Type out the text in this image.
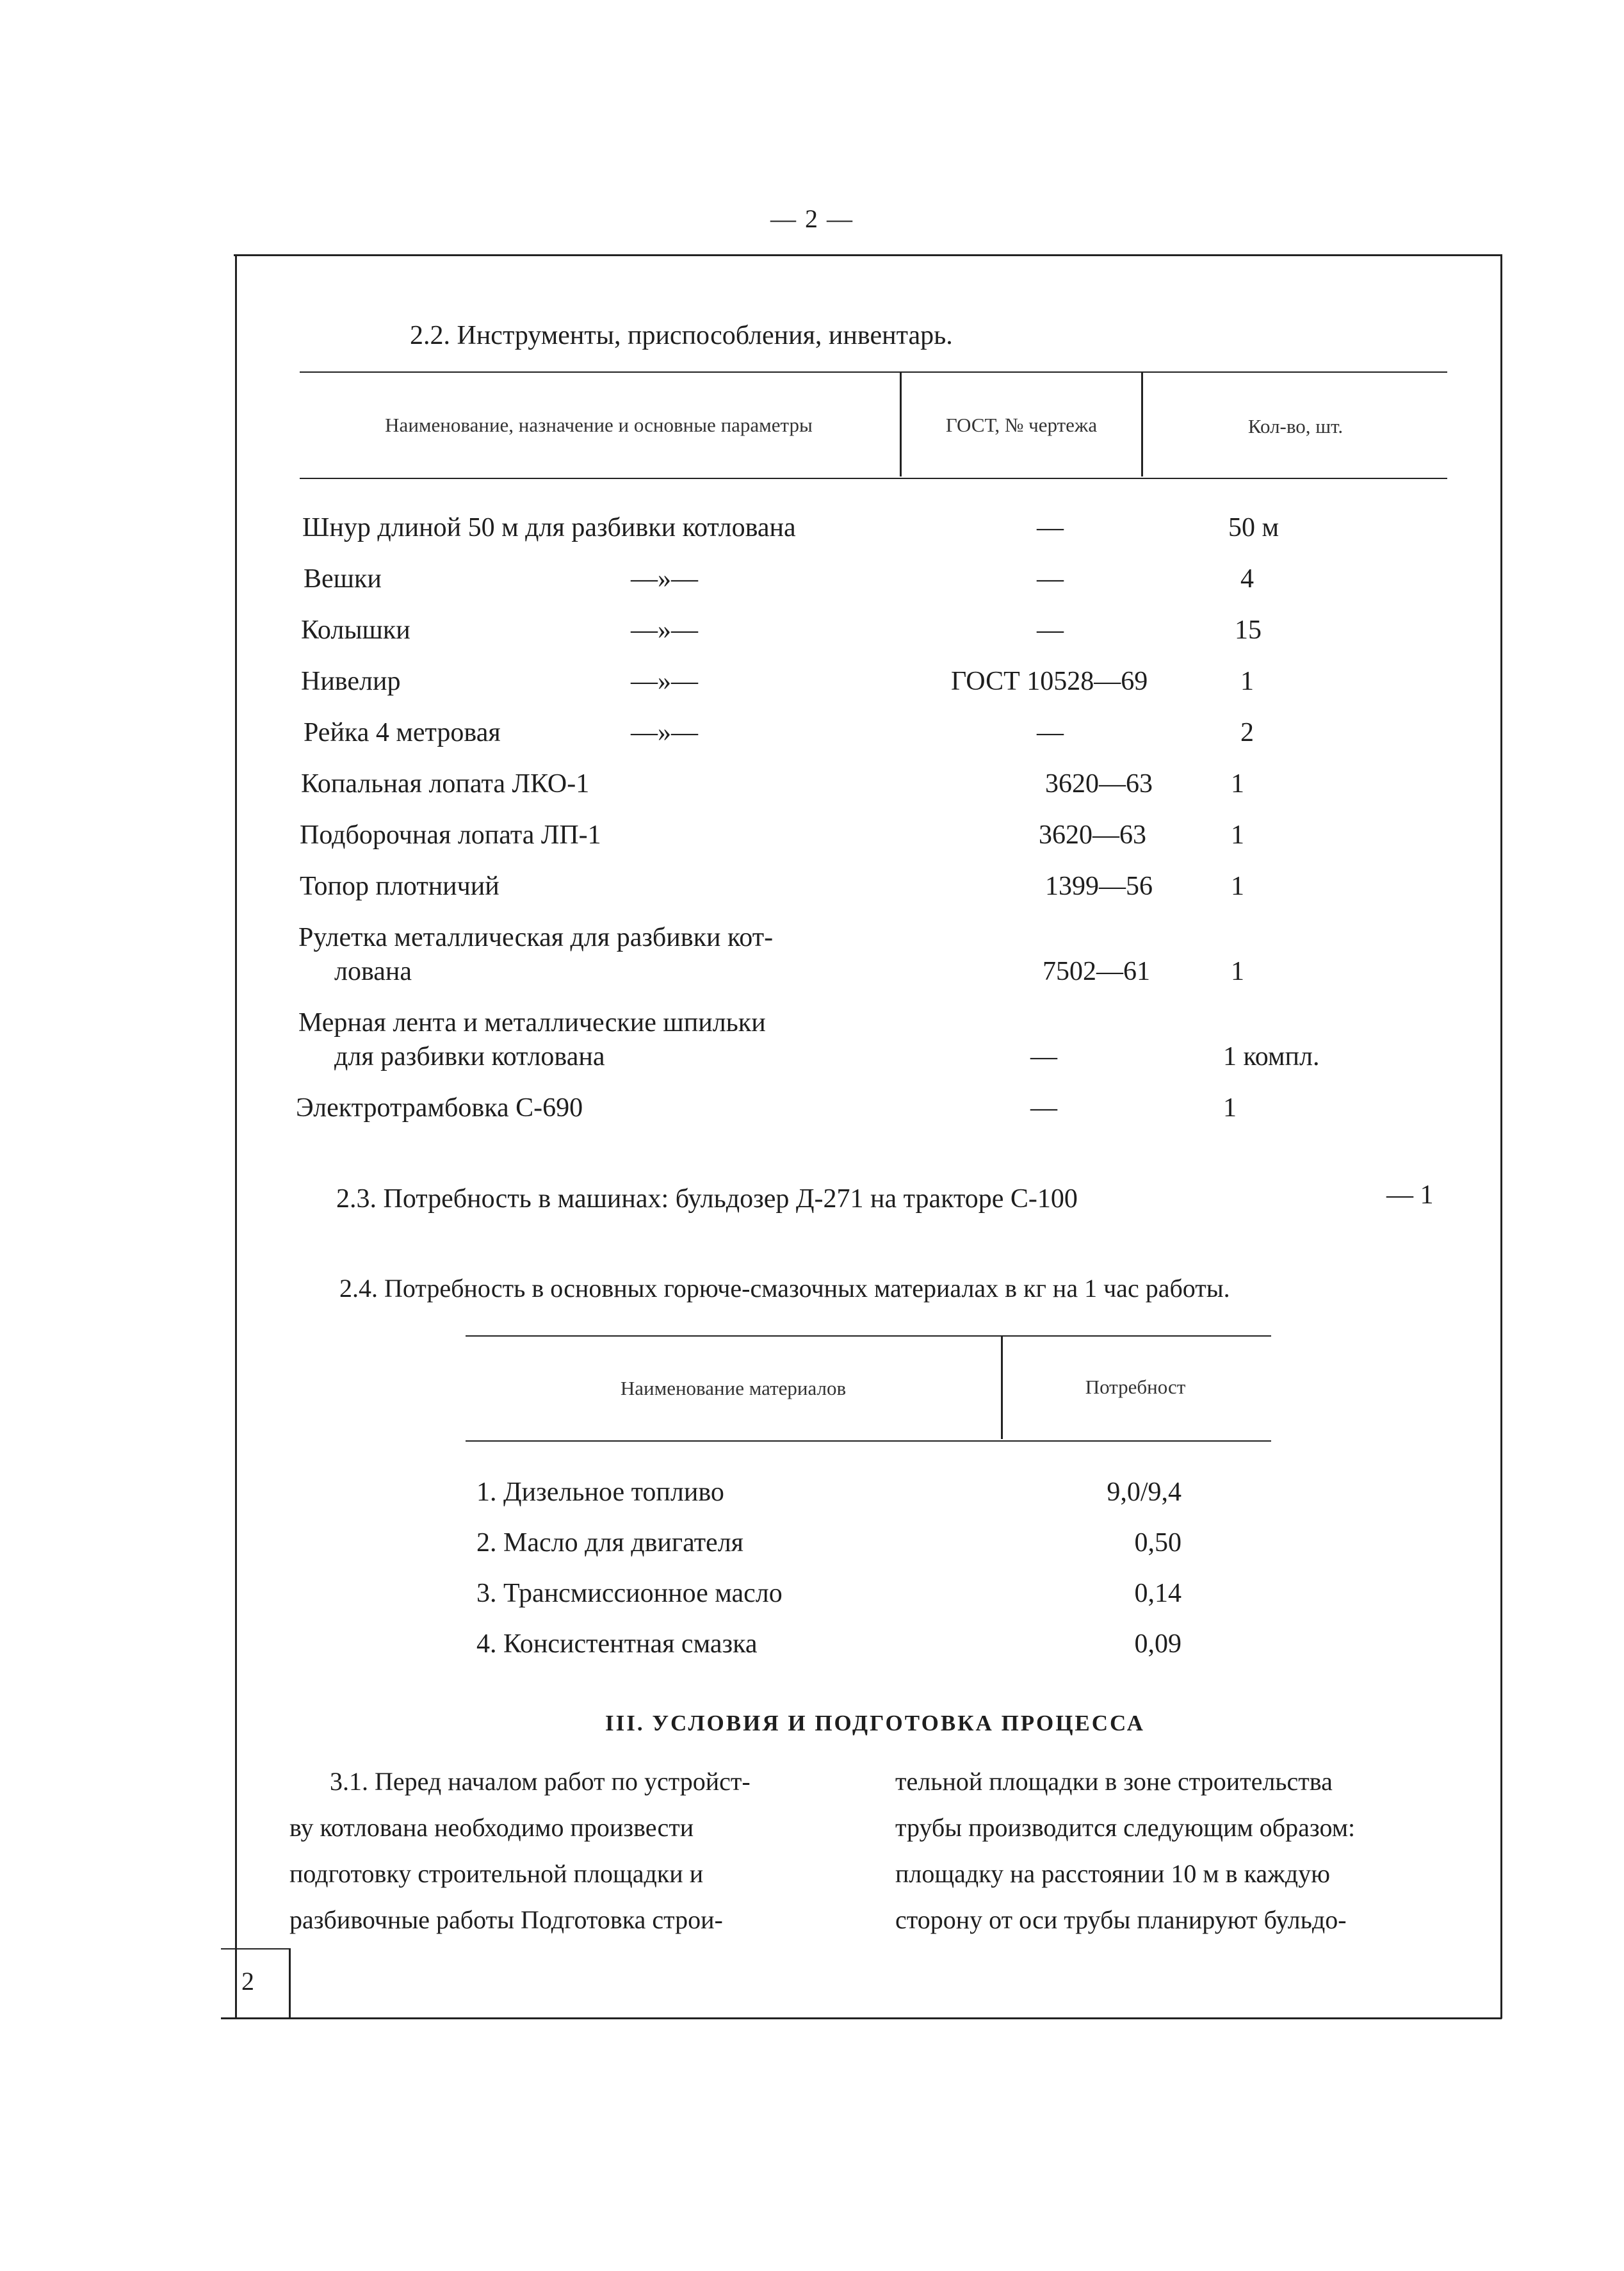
— 2 —
2.2. Инструменты, приспособления, инвентарь.
Наименование, назначение и основные параметры	ГОСТ, № чертежа	Кол-во, шт.
Шнур длиной 50 м для разбивки котлована	—	50 м
Вешки	—»—	—	4
Колышки	—»—	—	15
Нивелир	—»—	ГОСТ 10528—69	1
Рейка 4 метровая	—»—	—	2
Копальная лопата ЛКО-1	3620—63	1
Подборочная лопата ЛП-1	3620—63	1
Топор плотничий	1399—56	1
Рулетка металлическая для разбивки кот-
лована	7502—61	1
Мерная лента и металлические шпильки
для разбивки котлована	—	1 компл.
Электротрамбовка С-690	—	1
2.3. Потребность в машинах: бульдозер Д-271 на тракторе С-100	— 1
2.4. Потребность в основных горюче-смазочных материалах в кг на 1 час работы.
Наименование материалов	Потребност
1. Дизельное топливо	9,0/9,4
2. Масло для двигателя	0,50
3. Трансмиссионное масло	0,14
4. Консистентная смазка	0,09
III. УСЛОВИЯ И ПОДГОТОВКА ПРОЦЕССА
3.1. Перед началом работ по устройст-
ву котлована необходимо произвести
подготовку строительной площадки и
разбивочные работы Подготовка строи-
тельной площадки в зоне строительства
трубы производится следующим образом:
площадку на расстоянии 10 м в каждую
сторону от оси трубы планируют бульдо-
2
